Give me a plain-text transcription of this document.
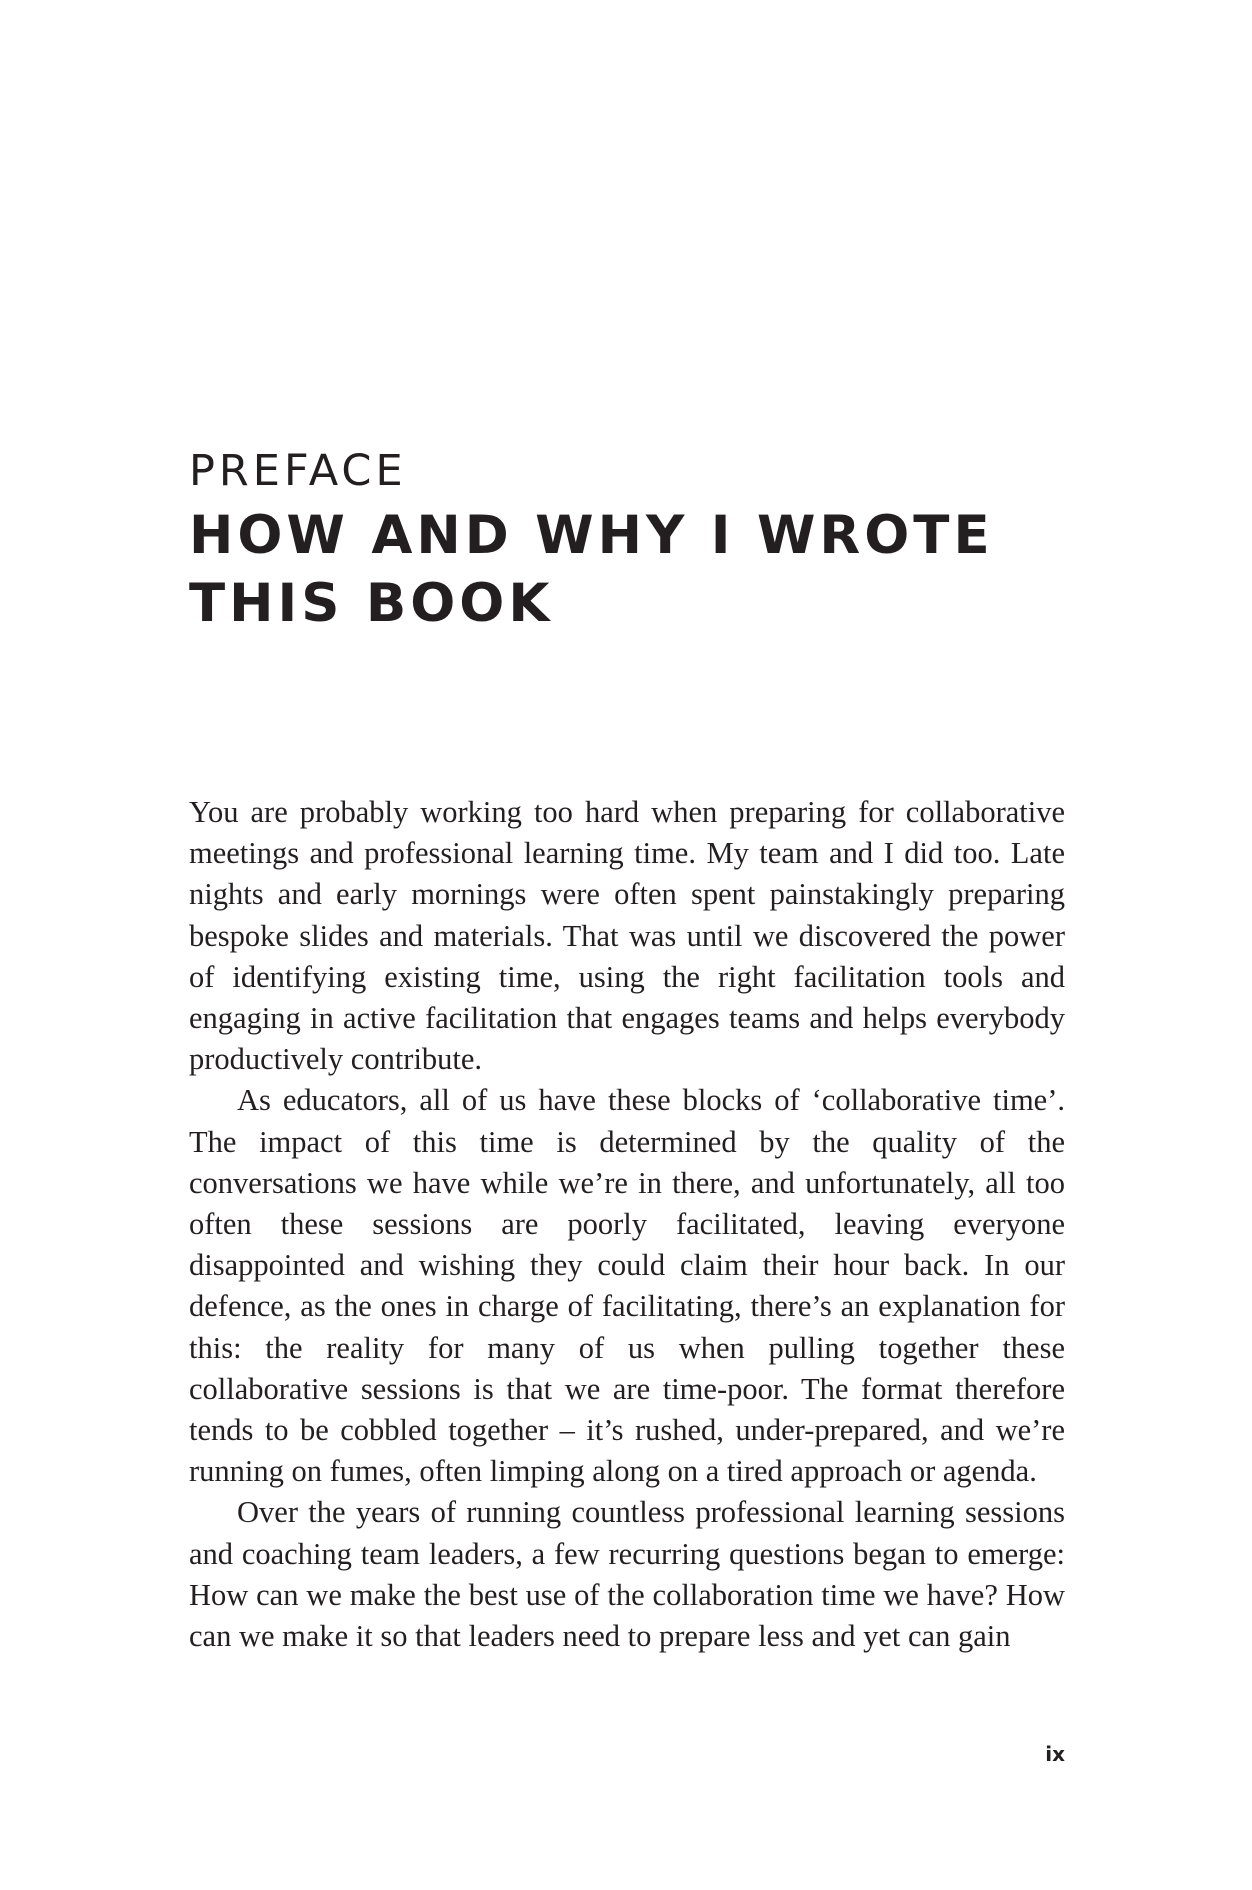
PREFACE
HOW AND WHY I WROTE
THIS BOOK

You are probably working too hard when preparing for collaborative meetings and professional learning time. My team and I did too. Late nights and early mornings were often spent painstakingly preparing bespoke slides and materials. That was until we discovered the power of identifying existing time, using the right facilitation tools and engaging in active facilitation that engages teams and helps everybody productively contribute.

As educators, all of us have these blocks of ‘collaborative time’. The impact of this time is determined by the quality of the conversations we have while we’re in there, and unfortunately, all too often these sessions are poorly facilitated, leaving everyone disappointed and wishing they could claim their hour back. In our defence, as the ones in charge of facilitating, there’s an explanation for this: the reality for many of us when pulling together these collaborative sessions is that we are time-poor. The format therefore tends to be cobbled together – it’s rushed, under-prepared, and we’re running on fumes, often limping along on a tired approach or agenda.

Over the years of running countless professional learning sessions and coaching team leaders, a few recurring questions began to emerge: How can we make the best use of the collaboration time we have? How can we make it so that leaders need to prepare less and yet can gain

ix
